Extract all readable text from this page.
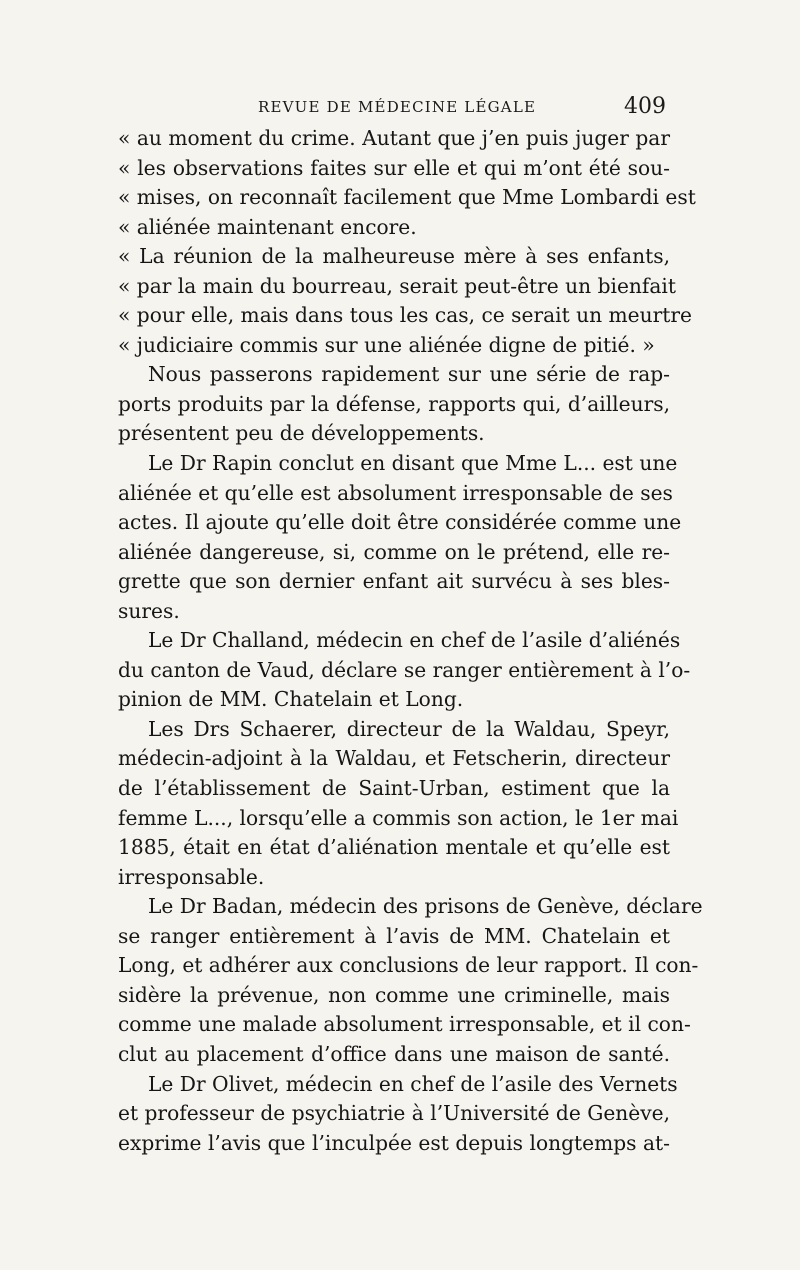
REVUE DE MÉDECINE LÉGALE	409
« au moment du crime. Autant que j’en puis juger par
« les observations faites sur elle et qui m’ont été sou-
« mises, on reconnaît facilement que Mme Lombardi est
« aliénée maintenant encore.
« La réunion de la malheureuse mère à ses enfants,
« par la main du bourreau, serait peut-être un bienfait
« pour elle, mais dans tous les cas, ce serait un meurtre
« judiciaire commis sur une aliénée digne de pitié. »
Nous passerons rapidement sur une série de rap-
ports produits par la défense, rapports qui, d’ailleurs,
présentent peu de développements.
Le Dr Rapin conclut en disant que Mme L... est une
aliénée et qu’elle est absolument irresponsable de ses
actes. Il ajoute qu’elle doit être considérée comme une
aliénée dangereuse, si, comme on le prétend, elle re-
grette que son dernier enfant ait survécu à ses bles-
sures.
Le Dr Challand, médecin en chef de l’asile d’aliénés
du canton de Vaud, déclare se ranger entièrement à l’o-
pinion de MM. Chatelain et Long.
Les Drs Schaerer, directeur de la Waldau, Speyr,
médecin-adjoint à la Waldau, et Fetscherin, directeur
de l’établissement de Saint-Urban, estiment que la
femme L..., lorsqu’elle a commis son action, le 1er mai
1885, était en état d’aliénation mentale et qu’elle est
irresponsable.
Le Dr Badan, médecin des prisons de Genève, déclare
se ranger entièrement à l’avis de MM. Chatelain et
Long, et adhérer aux conclusions de leur rapport. Il con-
sidère la prévenue, non comme une criminelle, mais
comme une malade absolument irresponsable, et il con-
clut au placement d’office dans une maison de santé.
Le Dr Olivet, médecin en chef de l’asile des Vernets
et professeur de psychiatrie à l’Université de Genève,
exprime l’avis que l’inculpée est depuis longtemps at-
